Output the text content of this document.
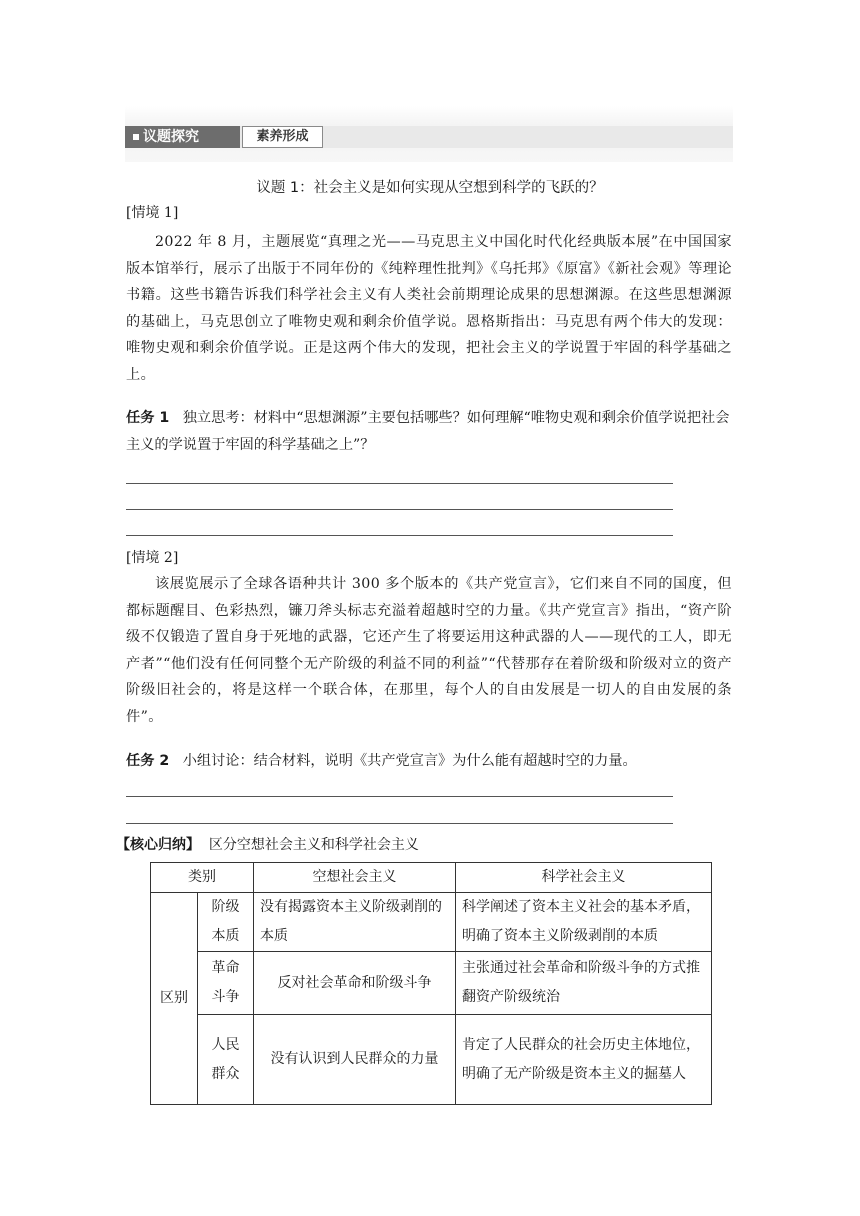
议题探究	素养形成
议题 1：社会主义是如何实现从空想到科学的飞跃的？
[情境 1]
2022 年 8 月，主题展览“真理之光——马克思主义中国化时代化经典版本展”在中国国家版本馆举行，展示了出版于不同年份的《纯粹理性批判》《乌托邦》《原富》《新社会观》等理论书籍。这些书籍告诉我们科学社会主义有人类社会前期理论成果的思想渊源。在这些思想渊源的基础上，马克思创立了唯物史观和剩余价值学说。恩格斯指出：马克思有两个伟大的发现：唯物史观和剩余价值学说。正是这两个伟大的发现，把社会主义的学说置于牢固的科学基础之上。
任务 1 独立思考：材料中“思想渊源”主要包括哪些？如何理解“唯物史观和剩余价值学说把社会主义的学说置于牢固的科学基础之上”？
[情境 2]
该展览展示了全球各语种共计 300 多个版本的《共产党宣言》，它们来自不同的国度，但都标题醒目、色彩热烈，镰刀斧头标志充溢着超越时空的力量。《共产党宣言》指出，“资产阶级不仅锻造了置自身于死地的武器，它还产生了将要运用这种武器的人——现代的工人，即无产者”“他们没有任何同整个无产阶级的利益不同的利益”“代替那存在着阶级和阶级对立的资产阶级旧社会的，将是这样一个联合体，在那里，每个人的自由发展是一切人的自由发展的条件”。
任务 2 小组讨论：结合材料，说明《共产党宣言》为什么能有超越时空的力量。
【核心归纳】 区分空想社会主义和科学社会主义
类别		空想社会主义	科学社会主义
区别	阶级本质	没有揭露资本主义阶级剥削的本质	科学阐述了资本主义社会的基本矛盾，明确了资本主义阶级剥削的本质
	革命斗争	反对社会革命和阶级斗争	主张通过社会革命和阶级斗争的方式推翻资产阶级统治
	人民群众	没有认识到人民群众的力量	肯定了人民群众的社会历史主体地位，明确了无产阶级是资本主义的掘墓人
